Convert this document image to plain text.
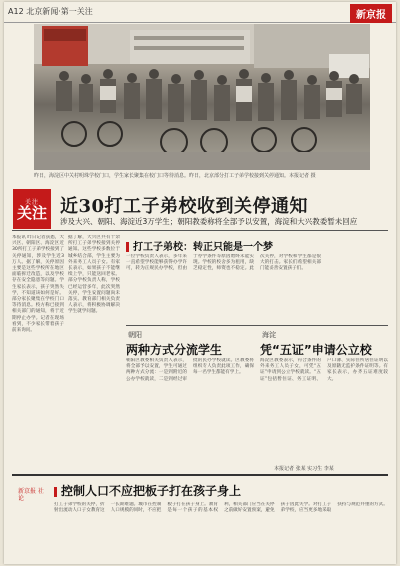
A12 北京新闻·第一关注	新京报
昨日，海淀区中关村明珠学校门口，学生家长聚集在校门口等待消息。昨日，北京部分打工子弟学校接到关停通知。本报记者 摄
关注
关注 近30打工子弟校收到关停通知
涉及大兴、朝阳、海淀近3万学生；朝阳教委称将全部予以安置，海淀和大兴教委暂未回应
本报讯 昨日记者获悉，大兴区、朝阳区、海淀区近30所打工子弟学校接到了关停通知，涉及学生近3万人。据了解，关停原因主要是这些学校所在地区面临拆迁改造，以及学校存在安全隐患等问题。学生家长表示，孩子突然失学，不知道该如何是好。部分家长聚集在学校门口等待消息。校方称已接到相关部门的通知，将于近期停止办学。记者在现场看到，不少家长带着孩子前来询问。
据了解，大兴区共有十余所打工子弟学校接到关停通知。这些学校多数位于城乡结合部，学生主要为外来务工人员子女。有家长表示，如果孩子不能继续上学，只能送回老家。部分学校负责人称，学校已经运营多年，此次突然关停，学生安置问题尚未落实。教育部门相关负责人表示，将积极协调解决学生就学问题。
打工子弟校：转正只能是一个梦
一位学校负责人表示，多年来一直希望学校能够获得办学许可，转为正规民办学校，但由于办学条件等原因始终未能实现。学校的校舍多为租用，缺乏稳定性，师资也不稳定。此次关停，对学校和学生都是很大的打击。家长们希望相关部门能妥善安置孩子们。
朝阳
两种方式分流学生
朝阳区教委相关负责人表示，将全部予以安置，学生可通过两种方式分流：一是到附近的公办学校就读，二是到经过审批的民办学校就读。区教委将组织专人负责此项工作，确保每一名学生都能有学上。
海淀
凭“五证”申请公立校
海淀区教委表示，符合条件的外来务工人员子女，可凭“五证”申请到公立学校就读。“五证”包括暂住证、务工证明、户口簿、实际住所居住证明以及原籍无监护条件证明等。有家长表示，办齐五证难度较大。
本报记者 张某 实习生 李某
控制人口不应把板子打在孩子身上
新京报 社论
打工子弟学校的关停，折射出流动人口子女教育这一长期难题。城市在控制人口规模的同时，不应把板子打在孩子身上。教育是每一个孩子的基本权利，相关部门应当在关停之前做好安置预案，避免孩子因此失学。对打工子弟学校，应当更多地采取扶持与规范并重的方式。
